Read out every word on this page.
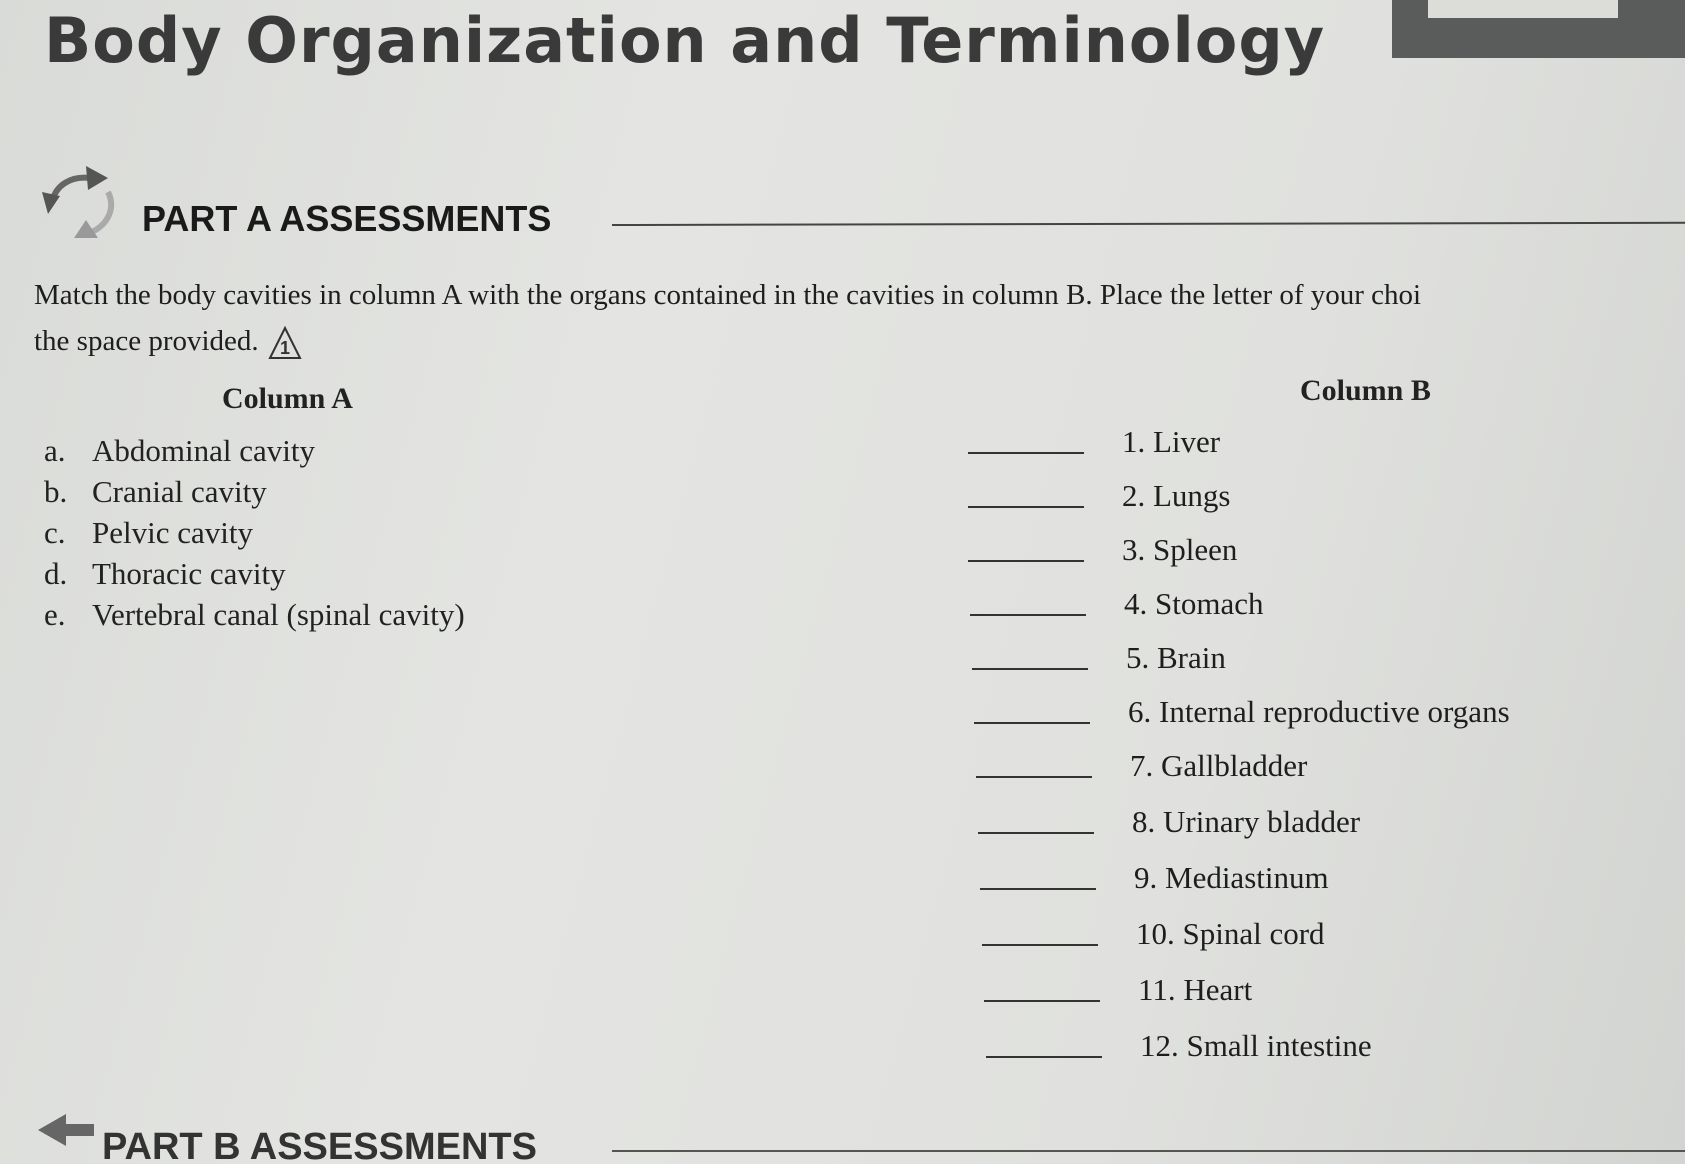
Body Organization and Terminology
PART A ASSESSMENTS
Match the body cavities in column A with the organs contained in the cavities in column B. Place the letter of your choi
the space provided. 1
Column A	Column B
a. Abdominal cavity
b. Cranial cavity
c. Pelvic cavity
d. Thoracic cavity
e. Vertebral canal (spinal cavity)
1.
Liver
2.
Lungs
3.
Spleen
4.
Stomach
5.
Brain
6.
Internal reproductive organs
7.
Gallbladder
8.
Urinary bladder
9.
Mediastinum
10.
Spinal cord
11.
Heart
12.
Small intestine
PART B ASSESSMENTS
